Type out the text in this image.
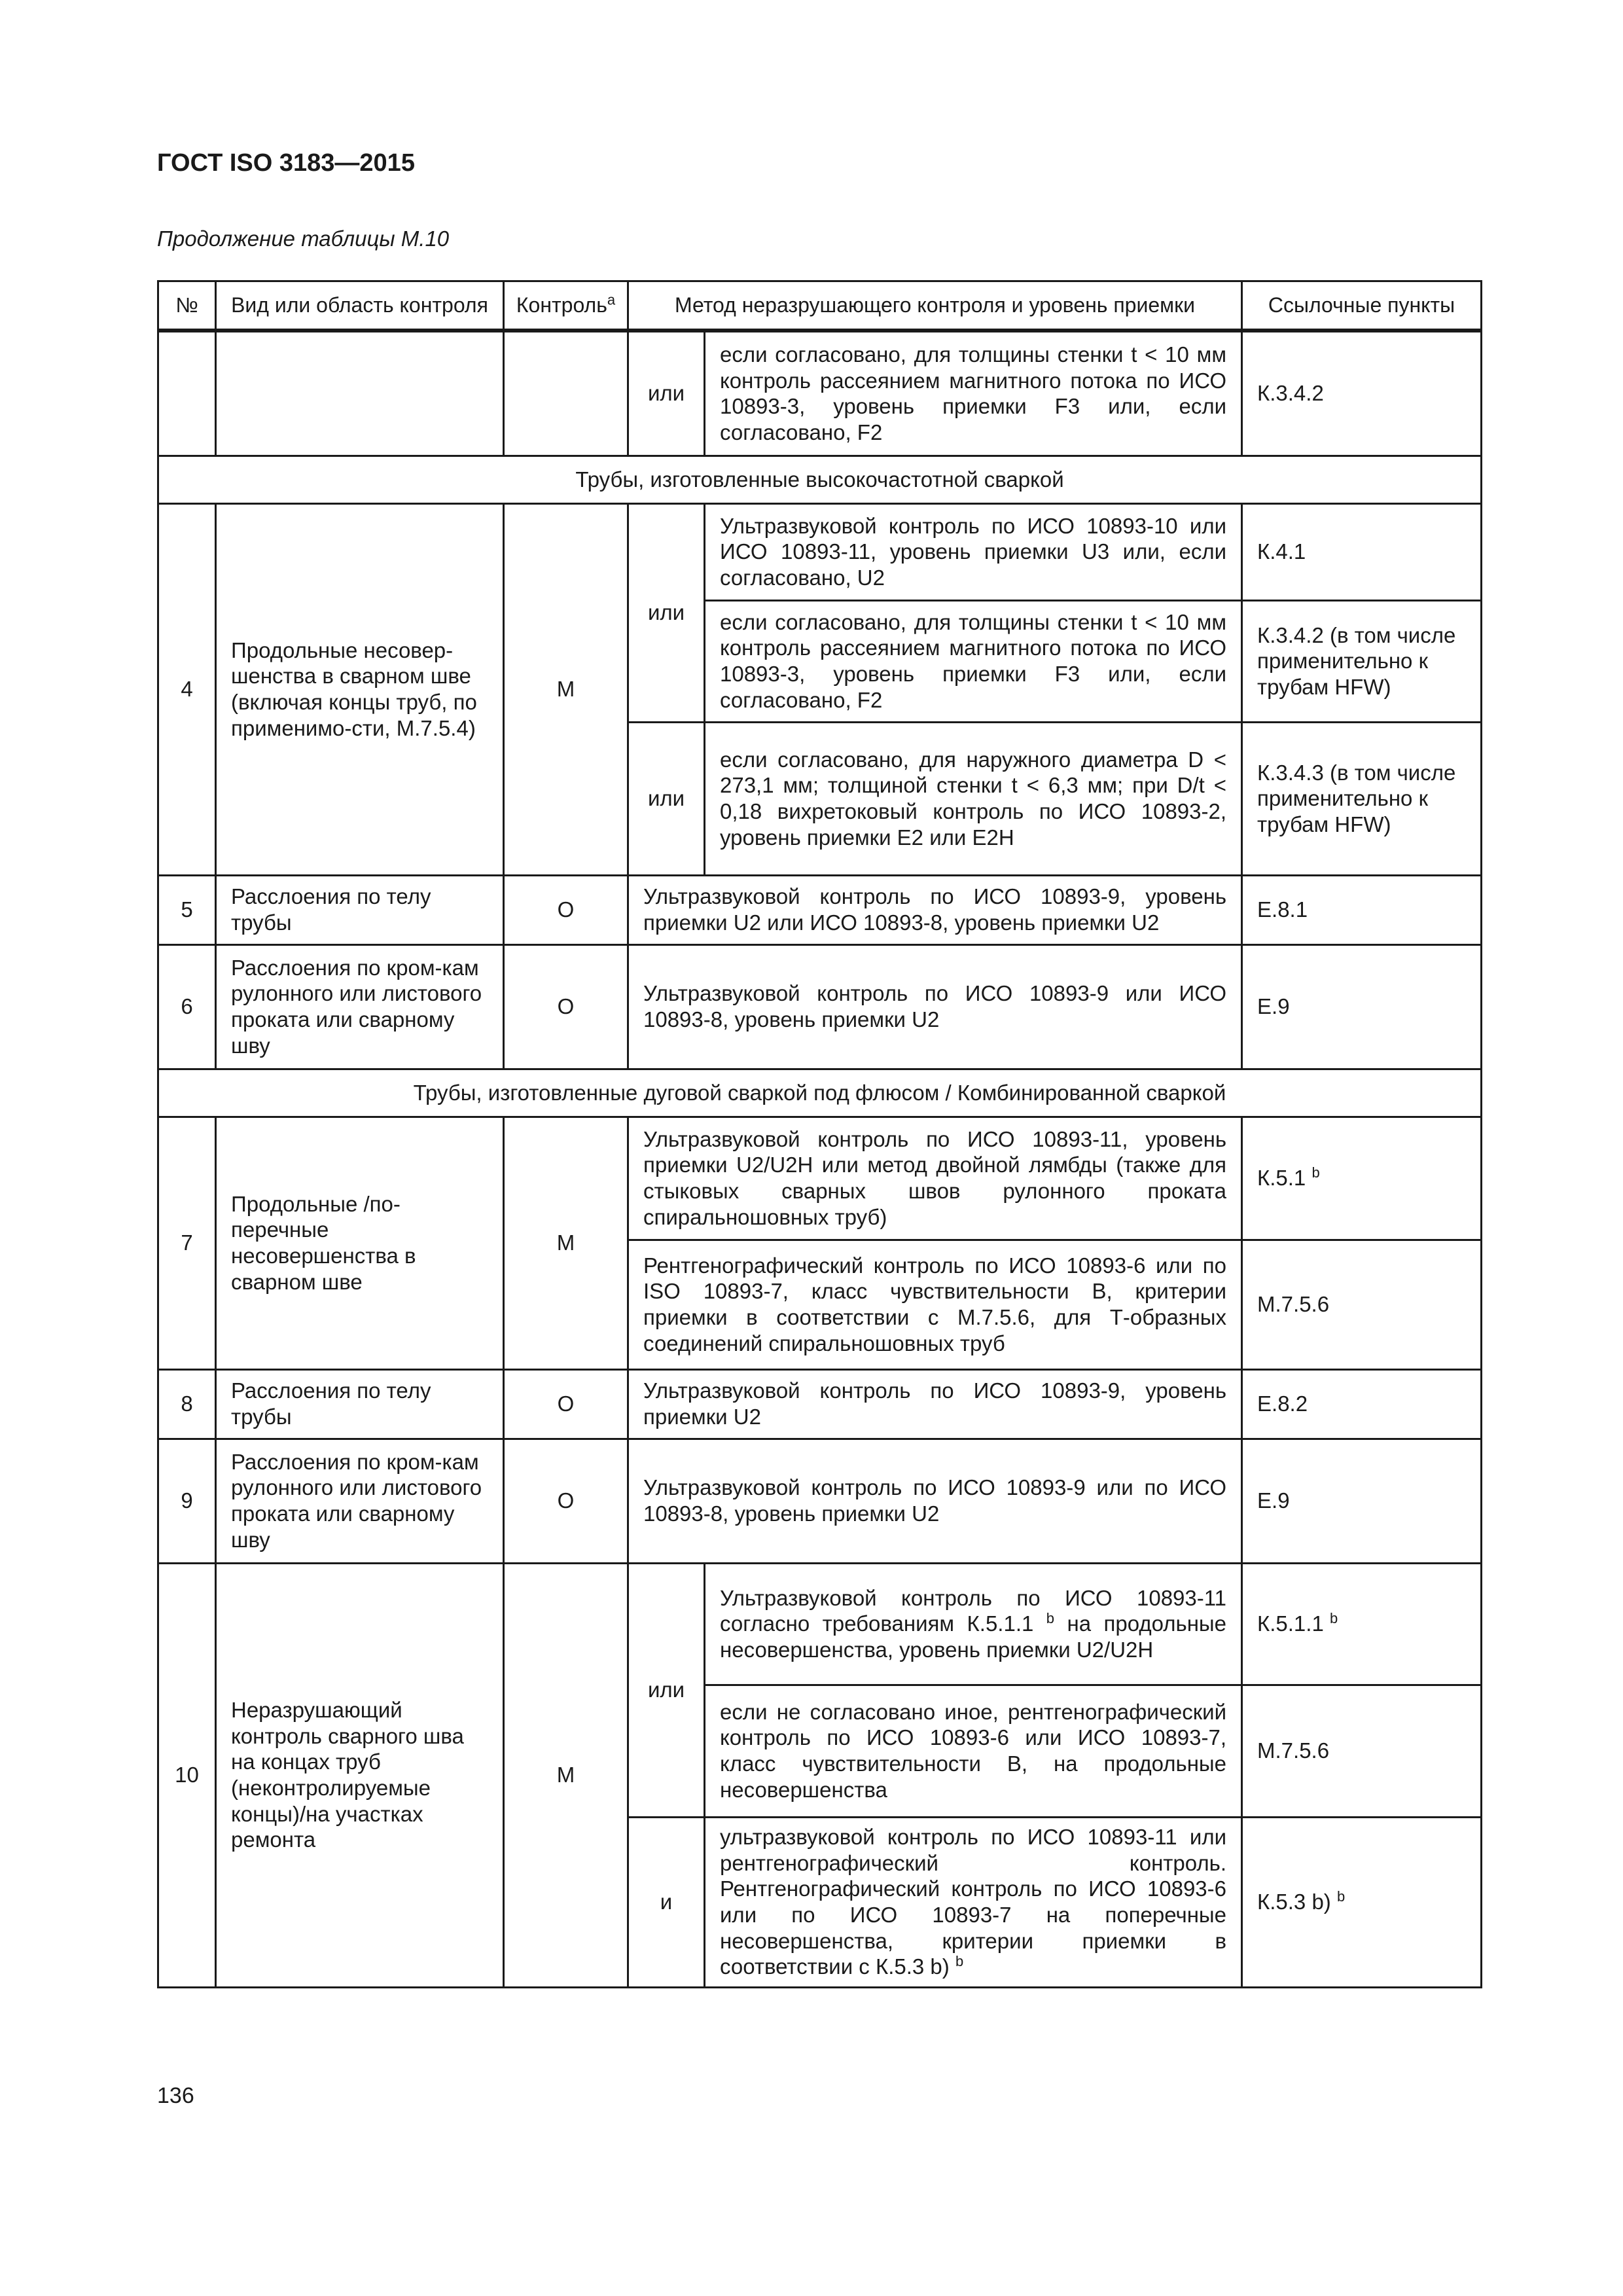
ГОСТ ISO 3183—2015
Продолжение таблицы М.10
№	Вид или область контроля	Контроль$^a$	Метод неразрушающего контроля и уровень приемки		Ссылочные пункты
			или	если согласовано, для толщины стенки t < 10 мм контроль рассеянием магнитного потока по ИСО 10893-3, уровень приемки F3 или, если согласовано, F2	К.3.4.2
Трубы, изготовленные высокочастотной сваркой					
4	Продольные несовер-шенства в сварном шве (включая концы труб, по применимо-сти, М.7.5.4)	М	или	Ультразвуковой контроль по ИСО 10893-10 или ИСО 10893-11, уровень приемки U3 или, если согласовано, U2	К.4.1
				если согласовано, для толщины стенки t < 10 мм контроль рассеянием магнитного потока по ИСО 10893-3, уровень приемки F3 или, если согласовано, F2	К.3.4.2 (в том числе применительно к трубам HFW)
			или	если согласовано, для наружного диаметра D < 273,1 мм; толщиной стенки t < 6,3 мм; при D/t < 0,18 вихретоковый контроль по ИСО 10893-2, уровень приемки Е2 или Е2Н	К.3.4.3 (в том числе применительно к трубам HFW)
5	Расслоения по телу трубы	О	Ультразвуковой контроль по ИСО 10893-9, уровень приемки U2 или ИСО 10893-8, уровень приемки U2		Е.8.1
6	Расслоения по кром-кам рулонного или листового проката или сварному шву	О	Ультразвуковой контроль по ИСО 10893-9 или ИСО 10893-8, уровень приемки U2		Е.9
Трубы, изготовленные дуговой сваркой под флюсом / Комбинированной сваркой					
7	Продольные /по-перечные несовершенства в сварном шве	М	Ультразвуковой контроль по ИСО 10893-11, уровень приемки U2/U2H или метод двойной лямбды (также для стыковых сварных швов рулонного проката спиральношовных труб)		К.5.1 $^b$
			Рентгенографический контроль по ИСО 10893-6 или по ISO 10893-7, класс чувствительности В, критерии приемки в соответствии с М.7.5.6, для Т-образных соединений спиральношовных труб		М.7.5.6
8	Расслоения по телу трубы	О	Ультразвуковой контроль по ИСО 10893-9, уровень приемки U2		Е.8.2
9	Расслоения по кром-кам рулонного или листового проката или сварному шву	О	Ультразвуковой контроль по ИСО 10893-9 или по ИСО 10893-8, уровень приемки U2		Е.9
10	Неразрушающий контроль сварного шва на концах труб (неконтролируемые концы)/на участках ремонта	М	или	Ультразвуковой контроль по ИСО 10893-11 согласно требованиям К.5.1.1 $^b$ на продольные несовершенства, уровень приемки U2/U2H	К.5.1.1 $^b$
				если не согласовано иное, рентгенографический контроль по ИСО 10893-6 или ИСО 10893-7, класс чувствительности В, на продольные несовершенства	М.7.5.6
			и	ультразвуковой контроль по ИСО 10893-11 или рентгенографический контроль. Рентгенографический контроль по ИСО 10893-6 или по ИСО 10893-7 на поперечные несовершенства, критерии приемки в соответствии с К.5.3 b) $^b$	К.5.3 b) $^b$
136
